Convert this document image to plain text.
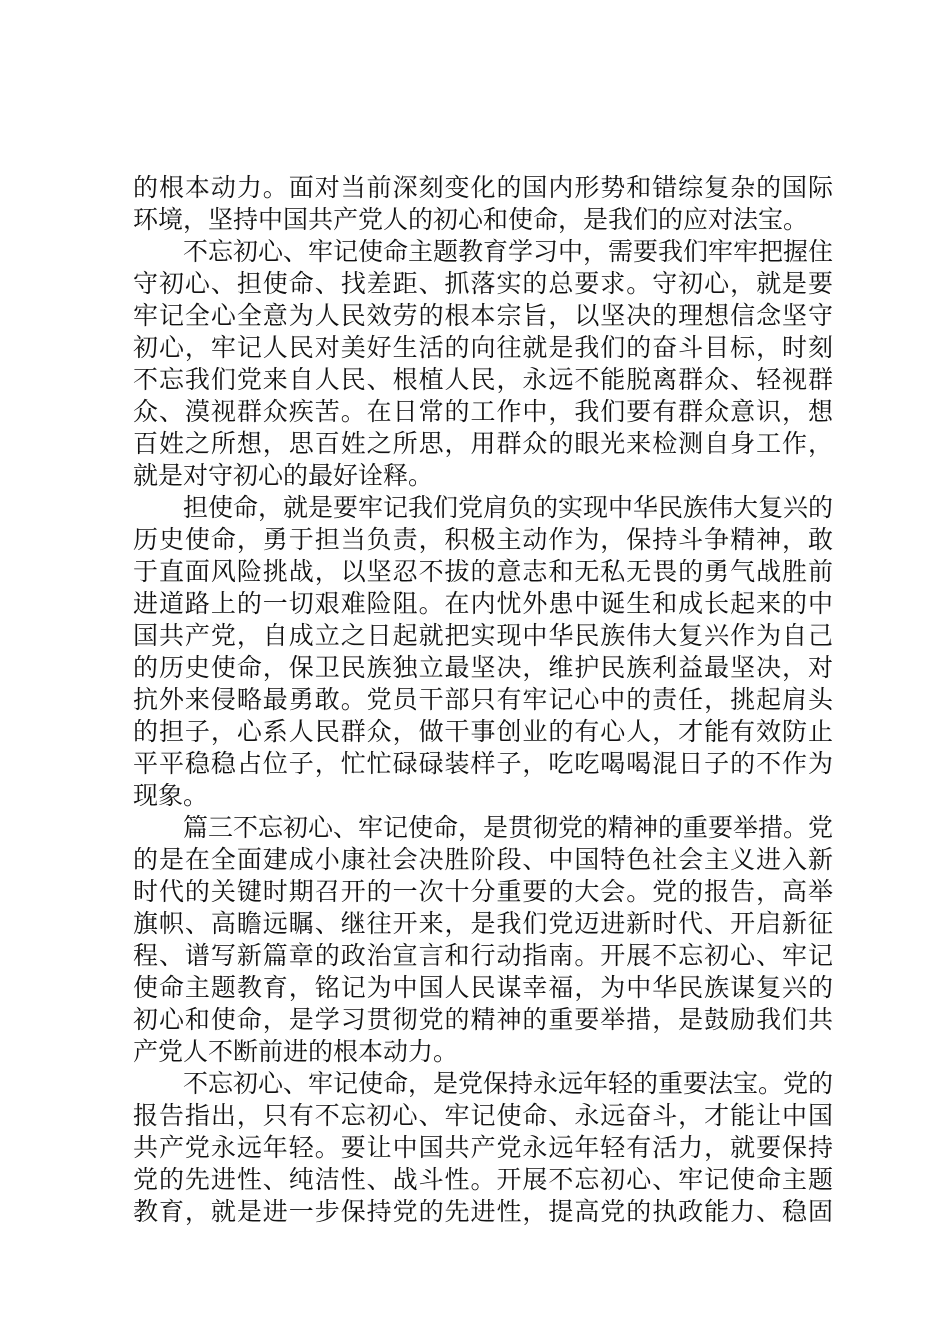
的根本动力。面对当前深刻变化的国内形势和错综复杂的国际
环境，坚持中国共产党人的初心和使命，是我们的应对法宝。
不忘初心、牢记使命主题教育学习中，需要我们牢牢把握住
守初心、担使命、找差距、抓落实的总要求。守初心，就是要
牢记全心全意为人民效劳的根本宗旨，以坚决的理想信念坚守
初心，牢记人民对美好生活的向往就是我们的奋斗目标，时刻
不忘我们党来自人民、根植人民，永远不能脱离群众、轻视群
众、漠视群众疾苦。在日常的工作中，我们要有群众意识，想
百姓之所想，思百姓之所思，用群众的眼光来检测自身工作，
就是对守初心的最好诠释。
担使命，就是要牢记我们党肩负的实现中华民族伟大复兴的
历史使命，勇于担当负责，积极主动作为，保持斗争精神，敢
于直面风险挑战，以坚忍不拔的意志和无私无畏的勇气战胜前
进道路上的一切艰难险阻。在内忧外患中诞生和成长起来的中
国共产党，自成立之日起就把实现中华民族伟大复兴作为自己
的历史使命，保卫民族独立最坚决，维护民族利益最坚决，对
抗外来侵略最勇敢。党员干部只有牢记心中的责任，挑起肩头
的担子，心系人民群众，做干事创业的有心人，才能有效防止
平平稳稳占位子，忙忙碌碌装样子，吃吃喝喝混日子的不作为
现象。
篇三不忘初心、牢记使命，是贯彻党的精神的重要举措。党
的是在全面建成小康社会决胜阶段、中国特色社会主义进入新
时代的关键时期召开的一次十分重要的大会。党的报告，高举
旗帜、高瞻远瞩、继往开来，是我们党迈进新时代、开启新征
程、谱写新篇章的政治宣言和行动指南。开展不忘初心、牢记
使命主题教育，铭记为中国人民谋幸福，为中华民族谋复兴的
初心和使命，是学习贯彻党的精神的重要举措，是鼓励我们共
产党人不断前进的根本动力。
不忘初心、牢记使命，是党保持永远年轻的重要法宝。党的
报告指出，只有不忘初心、牢记使命、永远奋斗，才能让中国
共产党永远年轻。要让中国共产党永远年轻有活力，就要保持
党的先进性、纯洁性、战斗性。开展不忘初心、牢记使命主题
教育，就是进一步保持党的先进性，提高党的执政能力、稳固
